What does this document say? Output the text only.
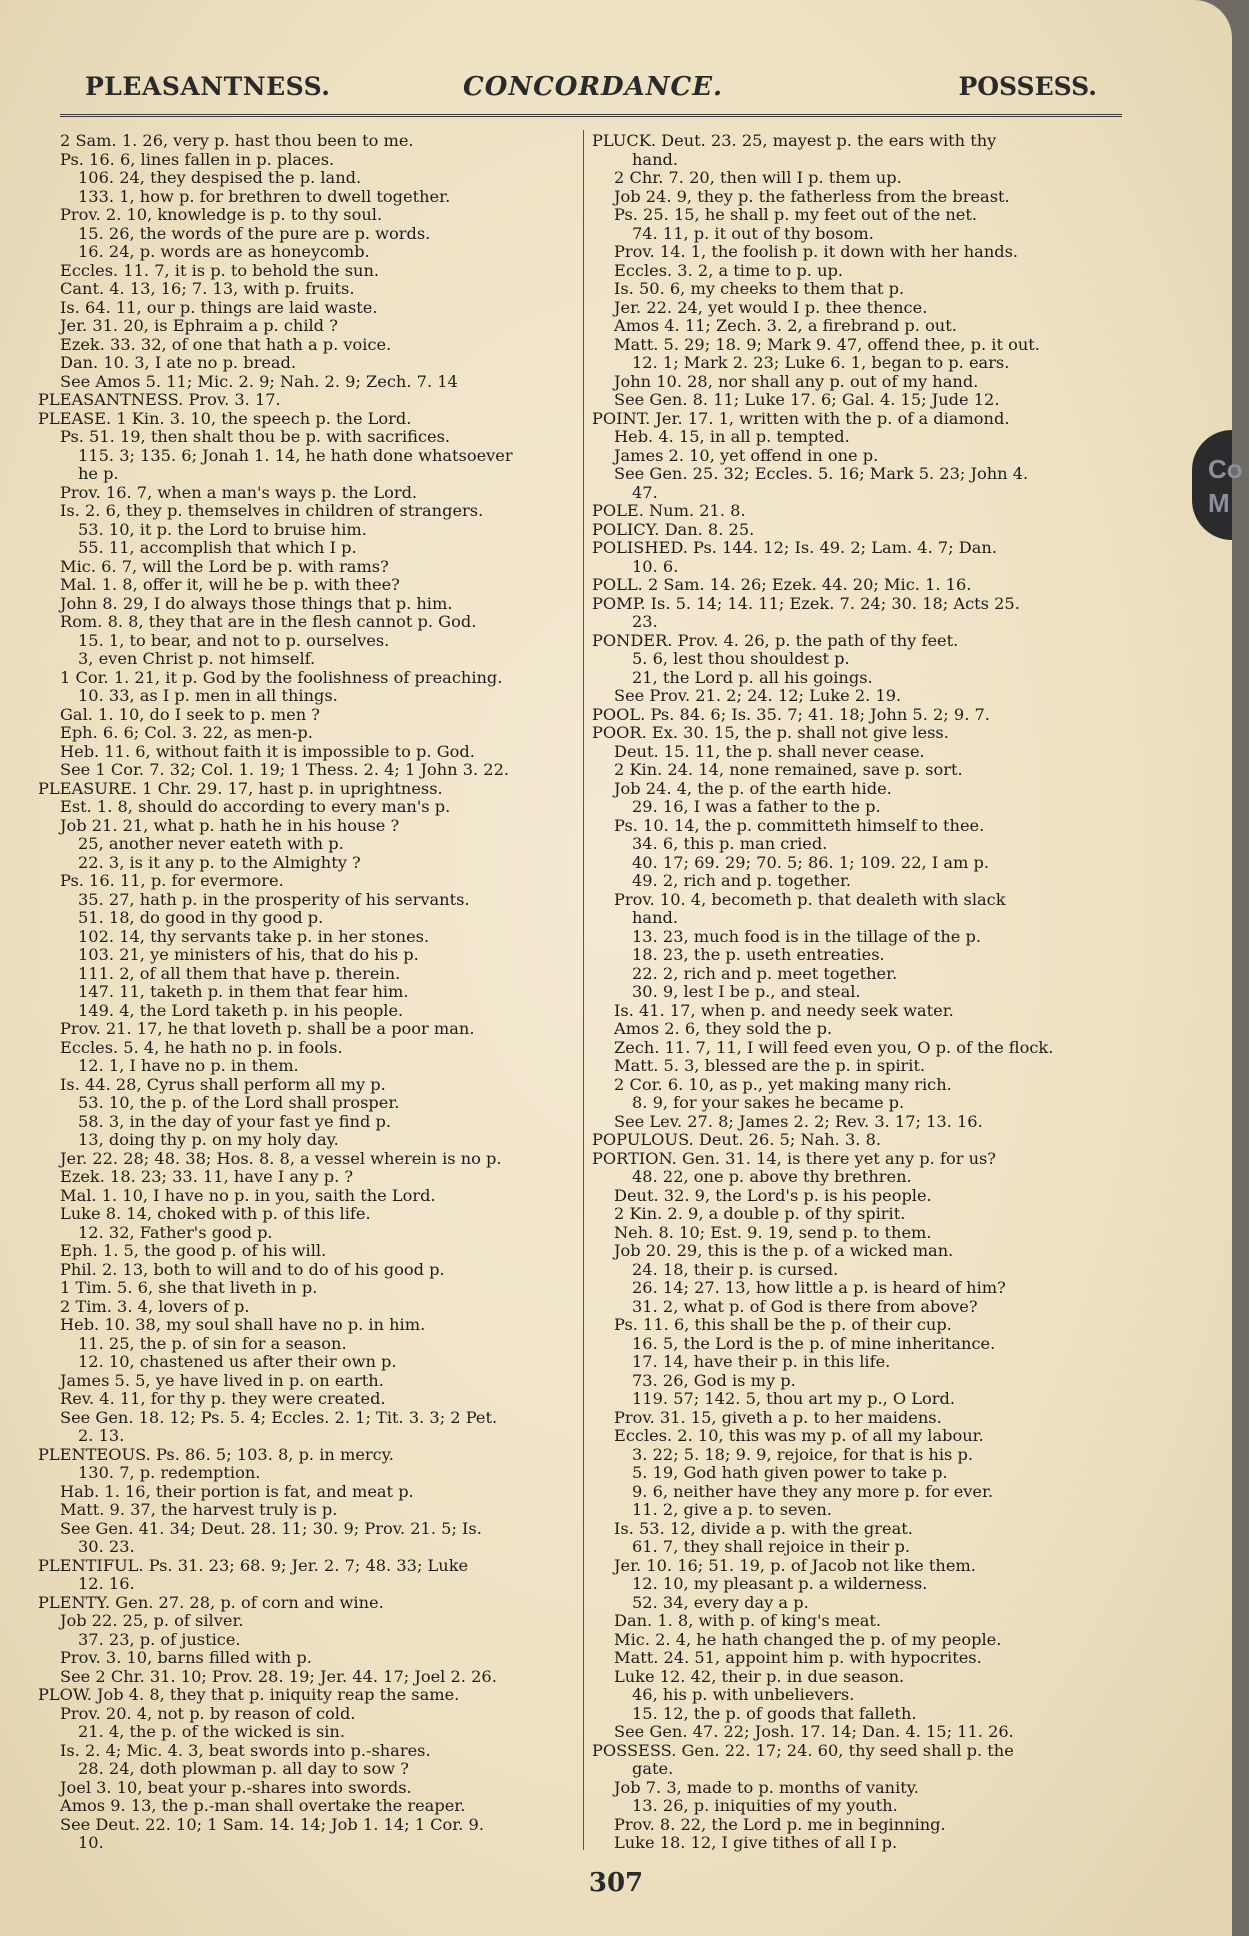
Co
M
PLEASANTNESS.	CONCORDANCE.	POSSESS.
2 Sam. 1. 26, very p. hast thou been to me.
Ps. 16. 6, lines fallen in p. places.
106. 24, they despised the p. land.
133. 1, how p. for brethren to dwell together.
Prov. 2. 10, knowledge is p. to thy soul.
15. 26, the words of the pure are p. words.
16. 24, p. words are as honeycomb.
Eccles. 11. 7, it is p. to behold the sun.
Cant. 4. 13, 16; 7. 13, with p. fruits.
Is. 64. 11, our p. things are laid waste.
Jer. 31. 20, is Ephraim a p. child ?
Ezek. 33. 32, of one that hath a p. voice.
Dan. 10. 3, I ate no p. bread.
See Amos 5. 11; Mic. 2. 9; Nah. 2. 9; Zech. 7. 14
PLEASANTNESS. Prov. 3. 17.
PLEASE. 1 Kin. 3. 10, the speech p. the Lord.
Ps. 51. 19, then shalt thou be p. with sacrifices.
115. 3; 135. 6; Jonah 1. 14, he hath done whatsoever
he p.
Prov. 16. 7, when a man's ways p. the Lord.
Is. 2. 6, they p. themselves in children of strangers.
53. 10, it p. the Lord to bruise him.
55. 11, accomplish that which I p.
Mic. 6. 7, will the Lord be p. with rams?
Mal. 1. 8, offer it, will he be p. with thee?
John 8. 29, I do always those things that p. him.
Rom. 8. 8, they that are in the flesh cannot p. God.
15. 1, to bear, and not to p. ourselves.
3, even Christ p. not himself.
1 Cor. 1. 21, it p. God by the foolishness of preaching.
10. 33, as I p. men in all things.
Gal. 1. 10, do I seek to p. men ?
Eph. 6. 6; Col. 3. 22, as men-p.
Heb. 11. 6, without faith it is impossible to p. God.
See 1 Cor. 7. 32; Col. 1. 19; 1 Thess. 2. 4; 1 John 3. 22.
PLEASURE. 1 Chr. 29. 17, hast p. in uprightness.
Est. 1. 8, should do according to every man's p.
Job 21. 21, what p. hath he in his house ?
25, another never eateth with p.
22. 3, is it any p. to the Almighty ?
Ps. 16. 11, p. for evermore.
35. 27, hath p. in the prosperity of his servants.
51. 18, do good in thy good p.
102. 14, thy servants take p. in her stones.
103. 21, ye ministers of his, that do his p.
111. 2, of all them that have p. therein.
147. 11, taketh p. in them that fear him.
149. 4, the Lord taketh p. in his people.
Prov. 21. 17, he that loveth p. shall be a poor man.
Eccles. 5. 4, he hath no p. in fools.
12. 1, I have no p. in them.
Is. 44. 28, Cyrus shall perform all my p.
53. 10, the p. of the Lord shall prosper.
58. 3, in the day of your fast ye find p.
13, doing thy p. on my holy day.
Jer. 22. 28; 48. 38; Hos. 8. 8, a vessel wherein is no p.
Ezek. 18. 23; 33. 11, have I any p. ?
Mal. 1. 10, I have no p. in you, saith the Lord.
Luke 8. 14, choked with p. of this life.
12. 32, Father's good p.
Eph. 1. 5, the good p. of his will.
Phil. 2. 13, both to will and to do of his good p.
1 Tim. 5. 6, she that liveth in p.
2 Tim. 3. 4, lovers of p.
Heb. 10. 38, my soul shall have no p. in him.
11. 25, the p. of sin for a season.
12. 10, chastened us after their own p.
James 5. 5, ye have lived in p. on earth.
Rev. 4. 11, for thy p. they were created.
See Gen. 18. 12; Ps. 5. 4; Eccles. 2. 1; Tit. 3. 3; 2 Pet.
2. 13.
PLENTEOUS. Ps. 86. 5; 103. 8, p. in mercy.
130. 7, p. redemption.
Hab. 1. 16, their portion is fat, and meat p.
Matt. 9. 37, the harvest truly is p.
See Gen. 41. 34; Deut. 28. 11; 30. 9; Prov. 21. 5; Is.
30. 23.
PLENTIFUL. Ps. 31. 23; 68. 9; Jer. 2. 7; 48. 33; Luke
12. 16.
PLENTY. Gen. 27. 28, p. of corn and wine.
Job 22. 25, p. of silver.
37. 23, p. of justice.
Prov. 3. 10, barns filled with p.
See 2 Chr. 31. 10; Prov. 28. 19; Jer. 44. 17; Joel 2. 26.
PLOW. Job 4. 8, they that p. iniquity reap the same.
Prov. 20. 4, not p. by reason of cold.
21. 4, the p. of the wicked is sin.
Is. 2. 4; Mic. 4. 3, beat swords into p.-shares.
28. 24, doth plowman p. all day to sow ?
Joel 3. 10, beat your p.-shares into swords.
Amos 9. 13, the p.-man shall overtake the reaper.
See Deut. 22. 10; 1 Sam. 14. 14; Job 1. 14; 1 Cor. 9.
10.
PLUCK. Deut. 23. 25, mayest p. the ears with thy
hand.
2 Chr. 7. 20, then will I p. them up.
Job 24. 9, they p. the fatherless from the breast.
Ps. 25. 15, he shall p. my feet out of the net.
74. 11, p. it out of thy bosom.
Prov. 14. 1, the foolish p. it down with her hands.
Eccles. 3. 2, a time to p. up.
Is. 50. 6, my cheeks to them that p.
Jer. 22. 24, yet would I p. thee thence.
Amos 4. 11; Zech. 3. 2, a firebrand p. out.
Matt. 5. 29; 18. 9; Mark 9. 47, offend thee, p. it out.
12. 1; Mark 2. 23; Luke 6. 1, began to p. ears.
John 10. 28, nor shall any p. out of my hand.
See Gen. 8. 11; Luke 17. 6; Gal. 4. 15; Jude 12.
POINT. Jer. 17. 1, written with the p. of a diamond.
Heb. 4. 15, in all p. tempted.
James 2. 10, yet offend in one p.
See Gen. 25. 32; Eccles. 5. 16; Mark 5. 23; John 4.
47.
POLE. Num. 21. 8.
POLICY. Dan. 8. 25.
POLISHED. Ps. 144. 12; Is. 49. 2; Lam. 4. 7; Dan.
10. 6.
POLL. 2 Sam. 14. 26; Ezek. 44. 20; Mic. 1. 16.
POMP. Is. 5. 14; 14. 11; Ezek. 7. 24; 30. 18; Acts 25.
23.
PONDER. Prov. 4. 26, p. the path of thy feet.
5. 6, lest thou shouldest p.
21, the Lord p. all his goings.
See Prov. 21. 2; 24. 12; Luke 2. 19.
POOL. Ps. 84. 6; Is. 35. 7; 41. 18; John 5. 2; 9. 7.
POOR. Ex. 30. 15, the p. shall not give less.
Deut. 15. 11, the p. shall never cease.
2 Kin. 24. 14, none remained, save p. sort.
Job 24. 4, the p. of the earth hide.
29. 16, I was a father to the p.
Ps. 10. 14, the p. committeth himself to thee.
34. 6, this p. man cried.
40. 17; 69. 29; 70. 5; 86. 1; 109. 22, I am p.
49. 2, rich and p. together.
Prov. 10. 4, becometh p. that dealeth with slack
hand.
13. 23, much food is in the tillage of the p.
18. 23, the p. useth entreaties.
22. 2, rich and p. meet together.
30. 9, lest I be p., and steal.
Is. 41. 17, when p. and needy seek water.
Amos 2. 6, they sold the p.
Zech. 11. 7, 11, I will feed even you, O p. of the flock.
Matt. 5. 3, blessed are the p. in spirit.
2 Cor. 6. 10, as p., yet making many rich.
8. 9, for your sakes he became p.
See Lev. 27. 8; James 2. 2; Rev. 3. 17; 13. 16.
POPULOUS. Deut. 26. 5; Nah. 3. 8.
PORTION. Gen. 31. 14, is there yet any p. for us?
48. 22, one p. above thy brethren.
Deut. 32. 9, the Lord's p. is his people.
2 Kin. 2. 9, a double p. of thy spirit.
Neh. 8. 10; Est. 9. 19, send p. to them.
Job 20. 29, this is the p. of a wicked man.
24. 18, their p. is cursed.
26. 14; 27. 13, how little a p. is heard of him?
31. 2, what p. of God is there from above?
Ps. 11. 6, this shall be the p. of their cup.
16. 5, the Lord is the p. of mine inheritance.
17. 14, have their p. in this life.
73. 26, God is my p.
119. 57; 142. 5, thou art my p., O Lord.
Prov. 31. 15, giveth a p. to her maidens.
Eccles. 2. 10, this was my p. of all my labour.
3. 22; 5. 18; 9. 9, rejoice, for that is his p.
5. 19, God hath given power to take p.
9. 6, neither have they any more p. for ever.
11. 2, give a p. to seven.
Is. 53. 12, divide a p. with the great.
61. 7, they shall rejoice in their p.
Jer. 10. 16; 51. 19, p. of Jacob not like them.
12. 10, my pleasant p. a wilderness.
52. 34, every day a p.
Dan. 1. 8, with p. of king's meat.
Mic. 2. 4, he hath changed the p. of my people.
Matt. 24. 51, appoint him p. with hypocrites.
Luke 12. 42, their p. in due season.
46, his p. with unbelievers.
15. 12, the p. of goods that falleth.
See Gen. 47. 22; Josh. 17. 14; Dan. 4. 15; 11. 26.
POSSESS. Gen. 22. 17; 24. 60, thy seed shall p. the
gate.
Job 7. 3, made to p. months of vanity.
13. 26, p. iniquities of my youth.
Prov. 8. 22, the Lord p. me in beginning.
Luke 18. 12, I give tithes of all I p.
307
